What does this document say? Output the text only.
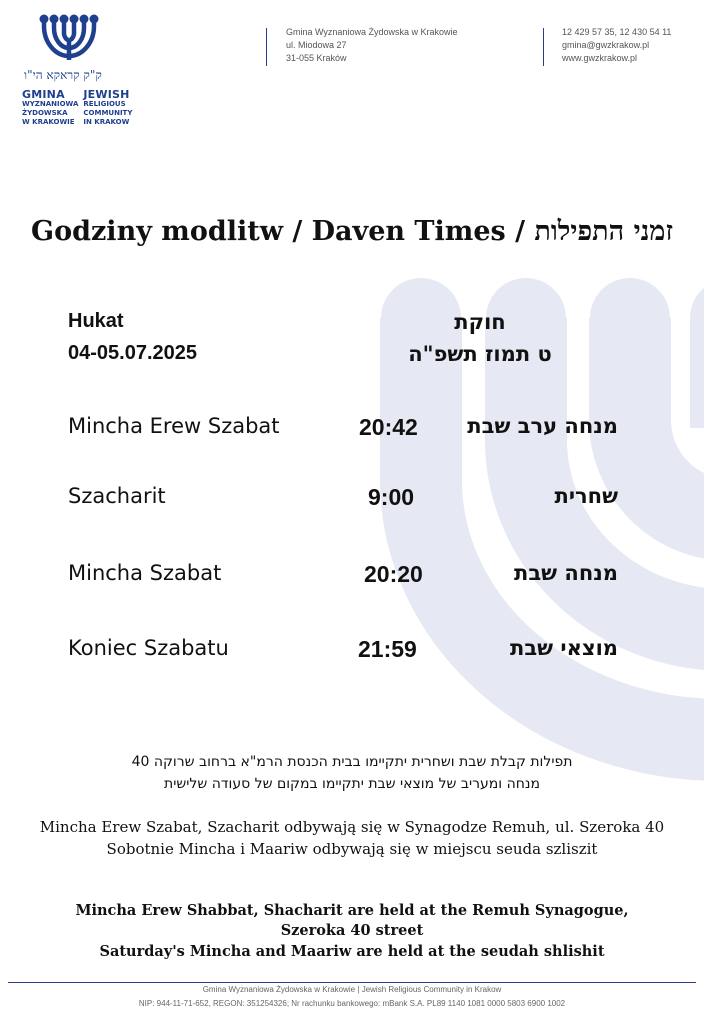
ק"ק קראקא הי"ו
GMINA
WYZNANIOWA
ŻYDOWSKA
W KRAKOWIE
JEWISH
RELIGIOUS
COMMUNITY
IN KRAKOW
Gmina Wyznaniowa Żydowska w Krakowie
ul. Miodowa 27
31-055 Kraków
12 429 57 35, 12 430 54 11
gmina@gwzkrakow.pl
www.gwzkrakow.pl
Godziny modlitw / Daven Times / זמני התפילות
Hukat
04-05.07.2025
חוקת
ט תמוז תשפ"ה
Mincha Erew Szabat	20:42 מנחה ערב שבת
Szacharit	9:00	שחרית
Mincha Szabat	20:20	מנחה שבת
Koniec Szabatu	21:59	מוצאי שבת
תפילות קבלת שבת ושחרית יתקיימו בבית הכנסת הרמ"א ברחוב שרוקה 40
מנחה ומעריב של מוצאי שבת יתקיימו במקום של סעודה שלישית
Mincha Erew Szabat, Szacharit odbywają się w Synagodze Remuh, ul. Szeroka 40
Sobotnie Mincha i Maariw odbywają się w miejscu seuda szliszit
Mincha Erew Shabbat, Shacharit are held at the Remuh Synagogue,
Szeroka 40 street
Saturday's Mincha and Maariw are held at the seudah shlishit
Gmina Wyznaniowa Żydowska w Krakowie | Jewish Religious Community in Krakow
NIP: 944-11-71-652, REGON: 351254326; Nr rachunku bankowego: mBank S.A. PL89 1140 1081 0000 5803 6900 1002
